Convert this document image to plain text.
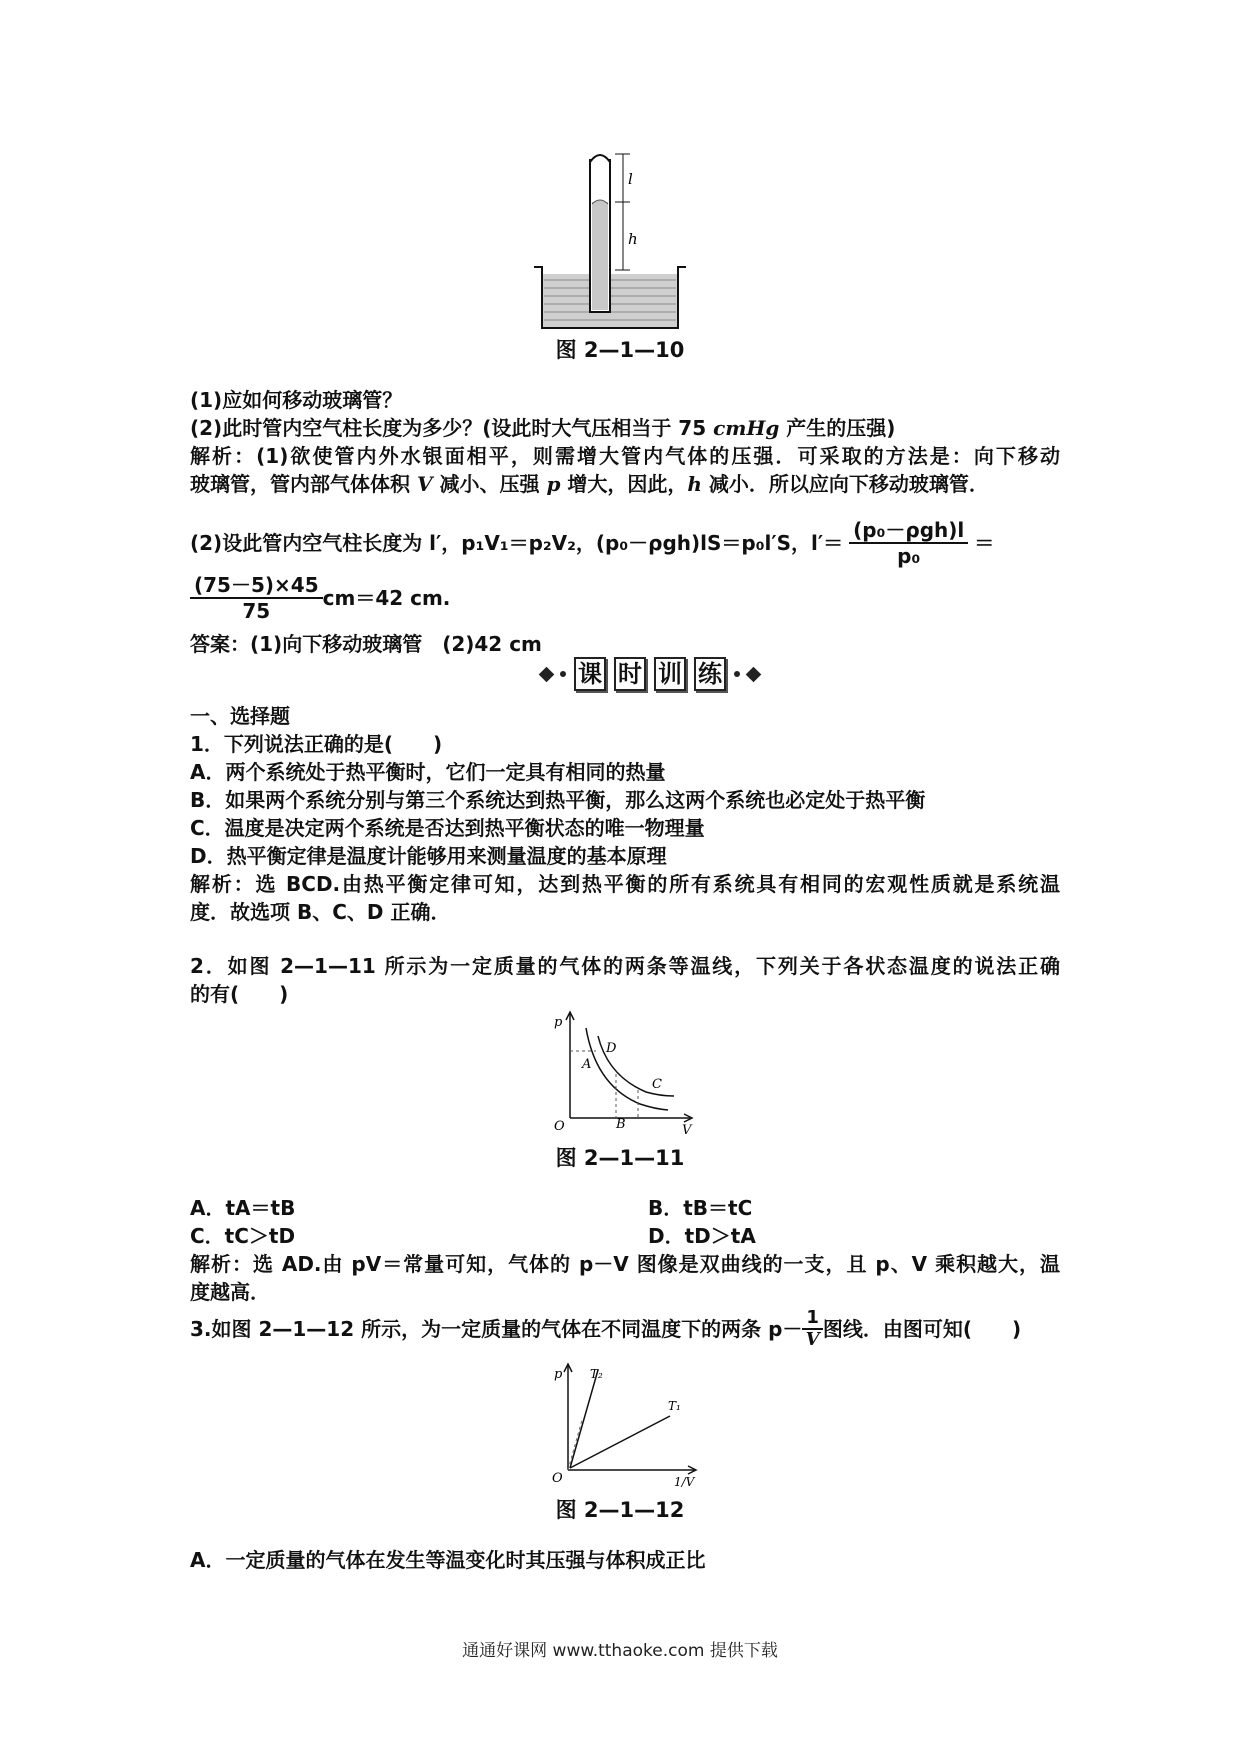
l
h
图 2—1—10
(1)应如何移动玻璃管？
(2)此时管内空气柱长度为多少？(设此时大气压相当于 75 cmHg 产生的压强)
解析：(1)欲使管内外水银面相平，则需增大管内气体的压强．可采取的方法是：向下移动
玻璃管，管内部气体体积 V 减小、压强 p 增大，因此，h 减小．所以应向下移动玻璃管．
(2)设此管内空气柱长度为 l′，p₁V₁＝p₂V₂，(p₀－ρgh)lS＝p₀l′S，$l'= \frac{\text{(p₀－ρgh)l}}{\text{p₀}}$ ＝
$\frac{(75-5)\times 45}{75} cm=42$ cm.
答案：(1)向下移动玻璃管　(2)42 cm
课 时 训 练
一、选择题
1．下列说法正确的是(　　)
A．两个系统处于热平衡时，它们一定具有相同的热量
B．如果两个系统分别与第三个系统达到热平衡，那么这两个系统也必定处于热平衡
C．温度是决定两个系统是否达到热平衡状态的唯一物理量
D．热平衡定律是温度计能够用来测量温度的基本原理
解析：选 BCD.由热平衡定律可知，达到热平衡的所有系统具有相同的宏观性质就是系统温
度．故选项 B、C、D 正确．
2．如图 2—1—11 所示为一定质量的气体的两条等温线，下列关于各状态温度的说法正确
的有(　　)
p
V
O
A
B
C
D
图 2—1—11
A．tA＝tB	B．tB＝tC
C．tC＞tD	D．tD＞tA
解析：选 AD.由 pV＝常量可知，气体的 p－V 图像是双曲线的一支，且 p、V 乘积越大，温
度越高．
3.如图 2—1—12 所示，为一定质量的气体在不同温度下的两条 $p- \frac{1}{V}$ 图线．由图可知(　　)
p
1/V
O
T₂
T₁
图 2—1—12
A．一定质量的气体在发生等温变化时其压强与体积成正比
通通好课网 www.tthaoke.com 提供下载
